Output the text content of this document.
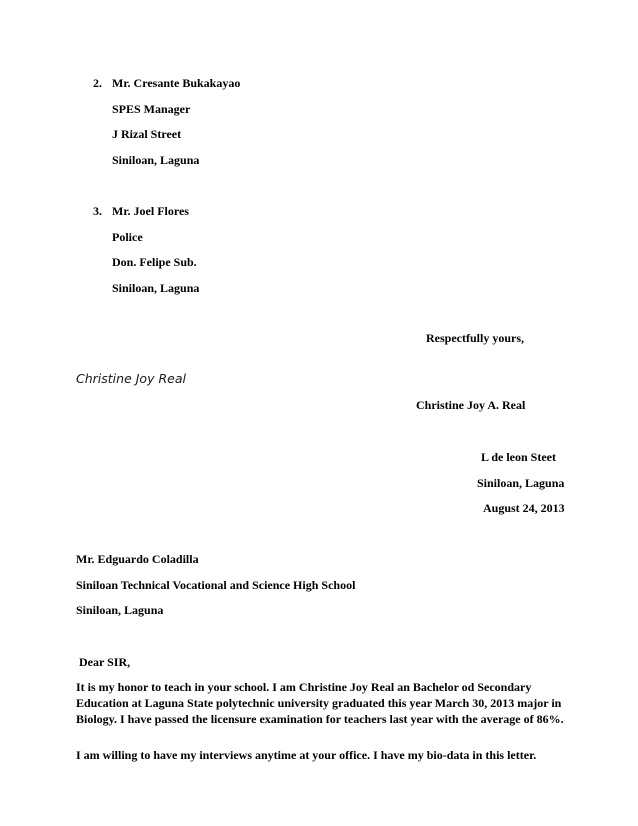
2. Mr. Cresante Bukakayao
SPES Manager
J Rizal Street
Siniloan, Laguna
3. Mr. Joel Flores
Police
Don. Felipe Sub.
Siniloan, Laguna
Respectfully yours,
Christine Joy Real
Christine Joy A. Real
L de leon Steet
Siniloan, Laguna
August 24, 2013
Mr. Edguardo Coladilla
Siniloan Technical Vocational and Science High School
Siniloan, Laguna
Dear SIR,
It is my honor to teach in your school. I am Christine Joy Real an Bachelor od Secondary Education at Laguna State polytechnic university graduated this year March 30, 2013 major in Biology. I have passed the licensure examination for teachers last year with the average of 86%.
I am willing to have my interviews anytime at your office. I have my bio-data in this letter.
